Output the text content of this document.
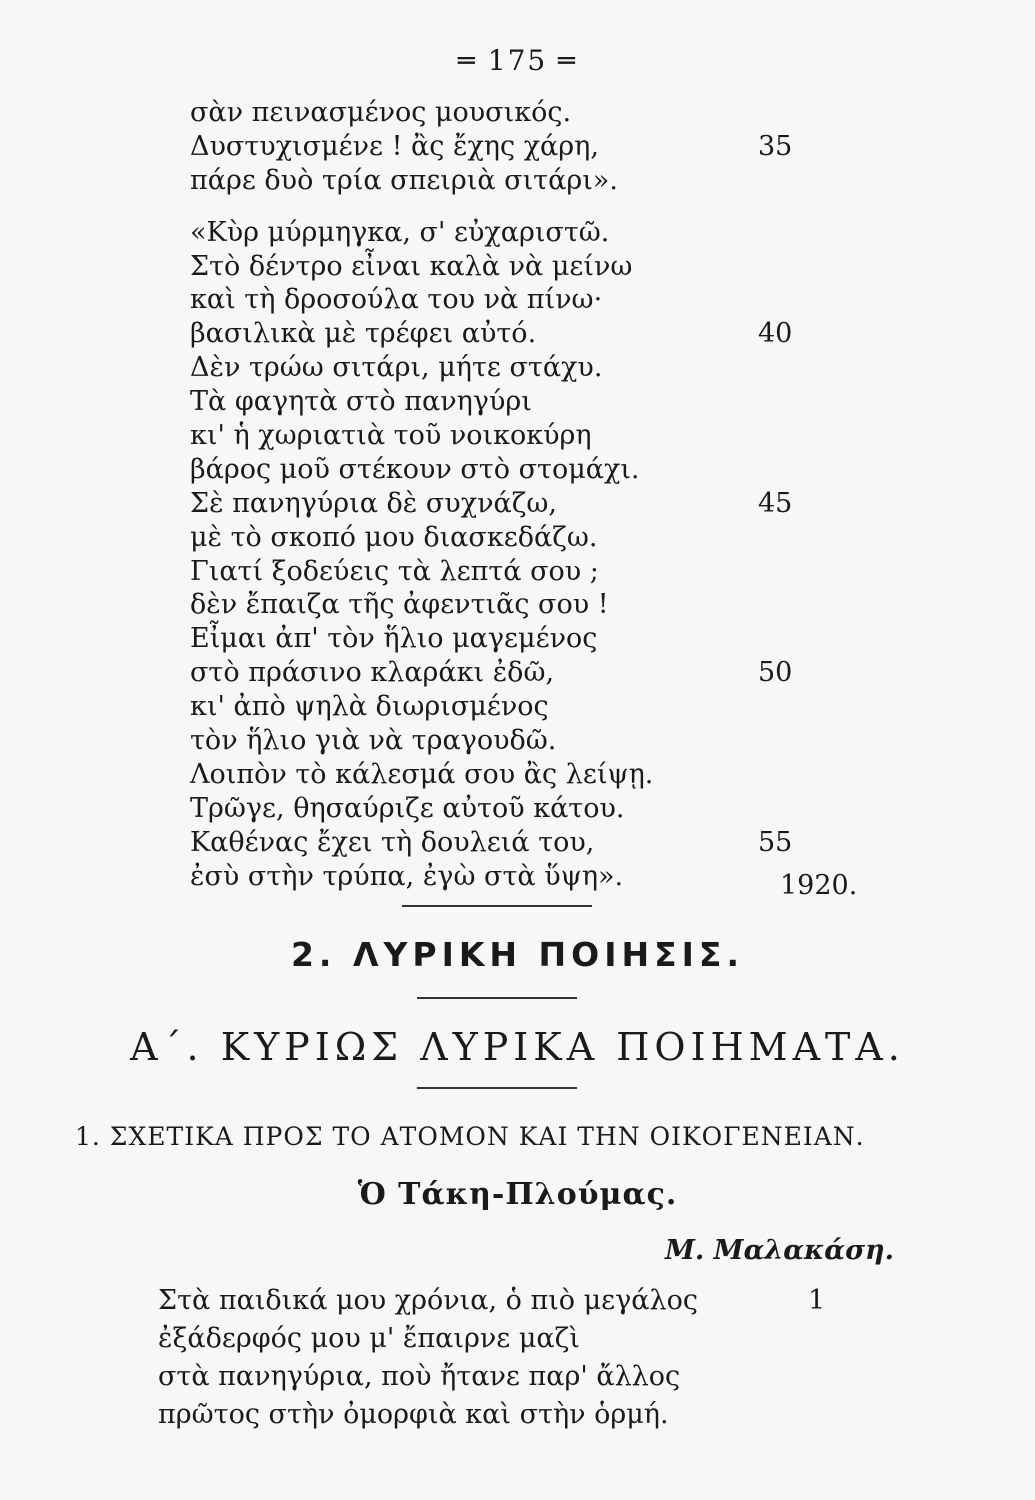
═ 175 ═
σὰν πεινασμένος μουσικός.
Δυστυχισμένε ! ἂς ἔχης χάρη,	35
πάρε δυὸ τρία σπειριὰ σιτάρι».
«Κὺρ μύρμηγκα, σ' εὐχαριστῶ.
Στὸ δέντρο εἶναι καλὰ νὰ μείνω
καὶ τὴ δροσούλα του νὰ πίνω·
βασιλικὰ μὲ τρέφει αὐτό.	40
Δὲν τρώω σιτάρι, μήτε στάχυ.
Τὰ φαγητὰ στὸ πανηγύρι
κι' ἡ χωριατιὰ τοῦ νοικοκύρη
βάρος μοῦ στέκουν στὸ στομάχι.
Σὲ πανηγύρια δὲ συχνάζω,	45
μὲ τὸ σκοπό μου διασκεδάζω.
Γιατί ξοδεύεις τὰ λεπτά σου ;
δὲν ἔπαιζα τῆς ἀφεντιᾶς σου !
Εἶμαι ἀπ' τὸν ἥλιο μαγεμένος
στὸ πράσινο κλαράκι ἐδῶ,	50
κι' ἀπὸ ψηλὰ διωρισμένος
τὸν ἥλιο γιὰ νὰ τραγουδῶ.
Λοιπὸν τὸ κάλεσμά σου ἂς λείψῃ.
Τρῶγε, θησαύριζε αὐτοῦ κάτου.
Καθένας ἔχει τὴ δουλειά του,	55
ἐσὺ στὴν τρύπα, ἐγὼ στὰ ὕψη».	1920.
2. ΛΥΡΙΚΗ ΠΟΙΗΣΙΣ.
Α΄. ΚΥΡΙΩΣ ΛΥΡΙΚΑ ΠΟΙΗΜΑΤΑ.
1. ΣΧΕΤΙΚΑ ΠΡΟΣ ΤΟ ΑΤΟΜΟΝ ΚΑΙ ΤΗΝ ΟΙΚΟΓΕΝΕΙΑΝ.
Ὁ Τάκη-Πλούμας.
Μ. Μαλακάση.
Στὰ παιδικά μου χρόνια, ὁ πιὸ μεγάλος	1
ἐξάδερφός μου μ' ἔπαιρνε μαζὶ
στὰ πανηγύρια, ποὺ ἤτανε παρ' ἄλλος
πρῶτος στὴν ὀμορφιὰ καὶ στὴν ὁρμή.
